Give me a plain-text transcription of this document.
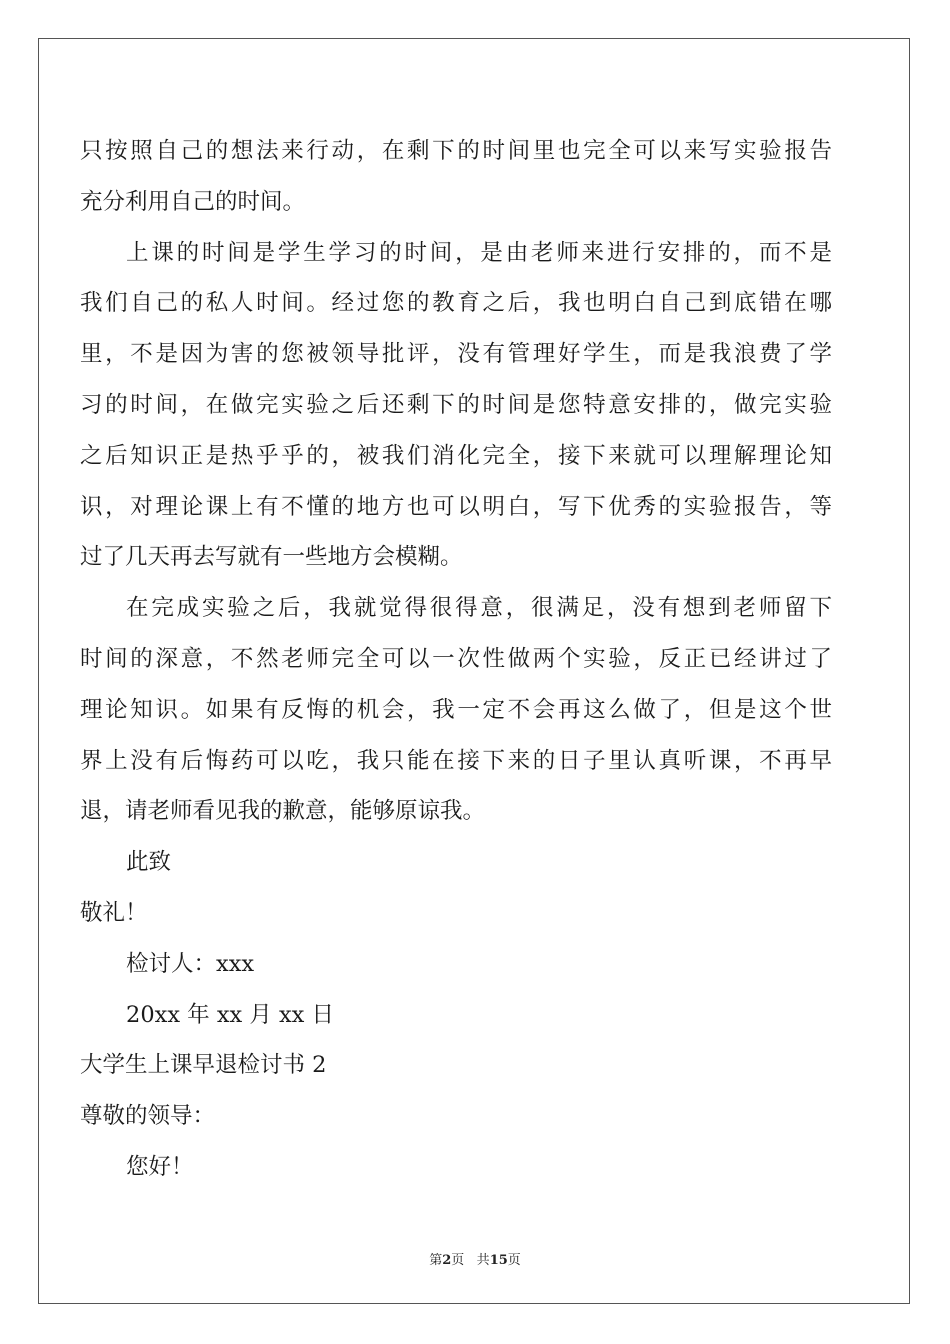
只按照自己的想法来行动，在剩下的时间里也完全可以来写实验报告
充分利用自己的时间。
上课的时间是学生学习的时间，是由老师来进行安排的，而不是
我们自己的私人时间。经过您的教育之后，我也明白自己到底错在哪
里，不是因为害的您被领导批评，没有管理好学生，而是我浪费了学
习的时间，在做完实验之后还剩下的时间是您特意安排的，做完实验
之后知识正是热乎乎的，被我们消化完全，接下来就可以理解理论知
识，对理论课上有不懂的地方也可以明白，写下优秀的实验报告，等
过了几天再去写就有一些地方会模糊。
在完成实验之后，我就觉得很得意，很满足，没有想到老师留下
时间的深意，不然老师完全可以一次性做两个实验，反正已经讲过了
理论知识。如果有反悔的机会，我一定不会再这么做了，但是这个世
界上没有后悔药可以吃，我只能在接下来的日子里认真听课，不再早
退，请老师看见我的歉意，能够原谅我。
此致
敬礼！
检讨人：xxx
20xx 年 xx 月 xx 日
大学生上课早退检讨书 2
尊敬的领导：
您好！
第2页 共15页
